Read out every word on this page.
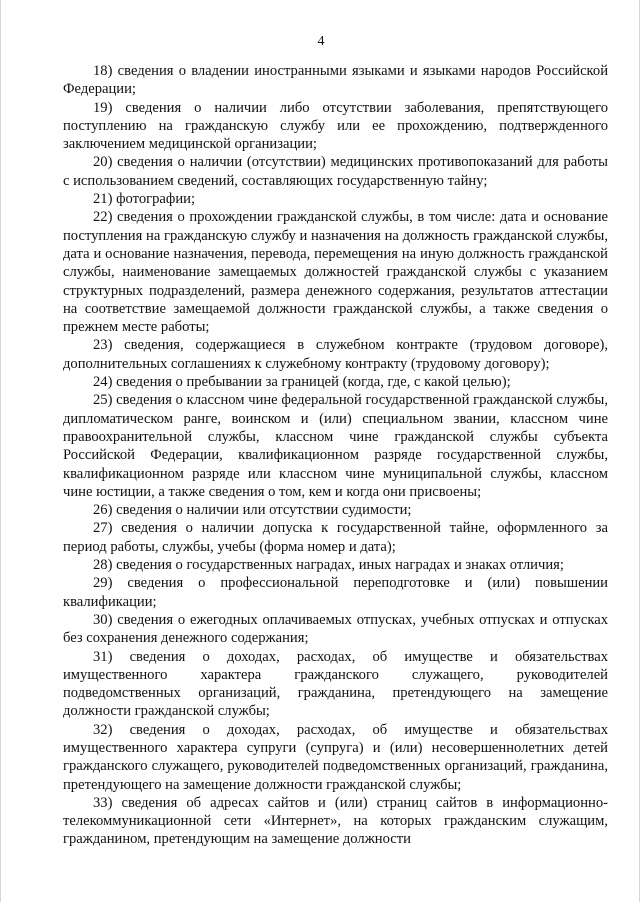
4

18) сведения о владении иностранными языками и языками народов Российской Федерации;

19) сведения о наличии либо отсутствии заболевания, препятствующего поступлению на гражданскую службу или ее прохождению, подтвержденного заключением медицинской организации;

20) сведения о наличии (отсутствии) медицинских противопоказаний для работы с использованием сведений, составляющих государственную тайну;

21) фотографии;

22) сведения о прохождении гражданской службы, в том числе: дата и основание поступления на гражданскую службу и назначения на должность гражданской службы, дата и основание назначения, перевода, перемещения на иную должность гражданской службы, наименование замещаемых должностей гражданской службы с указанием структурных подразделений, размера денежного содержания, результатов аттестации на соответствие замещаемой должности гражданской службы, а также сведения о прежнем месте работы;

23) сведения, содержащиеся в служебном контракте (трудовом договоре), дополнительных соглашениях к служебному контракту (трудовому договору);

24) сведения о пребывании за границей (когда, где, с какой целью);

25) сведения о классном чине федеральной государственной гражданской службы, дипломатическом ранге, воинском и (или) специальном звании, классном чине правоохранительной службы, классном чине гражданской службы субъекта Российской Федерации, квалификационном разряде государственной службы, квалификационном разряде или классном чине муниципальной службы, классном чине юстиции, а также сведения о том, кем и когда они присвоены;

26) сведения о наличии или отсутствии судимости;

27) сведения о наличии допуска к государственной тайне, оформленного за период работы, службы, учебы (форма номер и дата);

28) сведения о государственных наградах, иных наградах и знаках отличия;

29) сведения о профессиональной переподготовке и (или) повышении квалификации;

30) сведения о ежегодных оплачиваемых отпусках, учебных отпусках и отпусках без сохранения денежного содержания;

31) сведения о доходах, расходах, об имуществе и обязательствах имущественного характера гражданского служащего, руководителей подведомственных организаций, гражданина, претендующего на замещение должности гражданской службы;

32) сведения о доходах, расходах, об имуществе и обязательствах имущественного характера супруги (супруга) и (или) несовершеннолетних детей гражданского служащего, руководителей подведомственных организаций, гражданина, претендующего на замещение должности гражданской службы;

33) сведения об адресах сайтов и (или) страниц сайтов в информационно-телекоммуникационной сети «Интернет», на которых гражданским служащим, гражданином, претендующим на замещение должности
